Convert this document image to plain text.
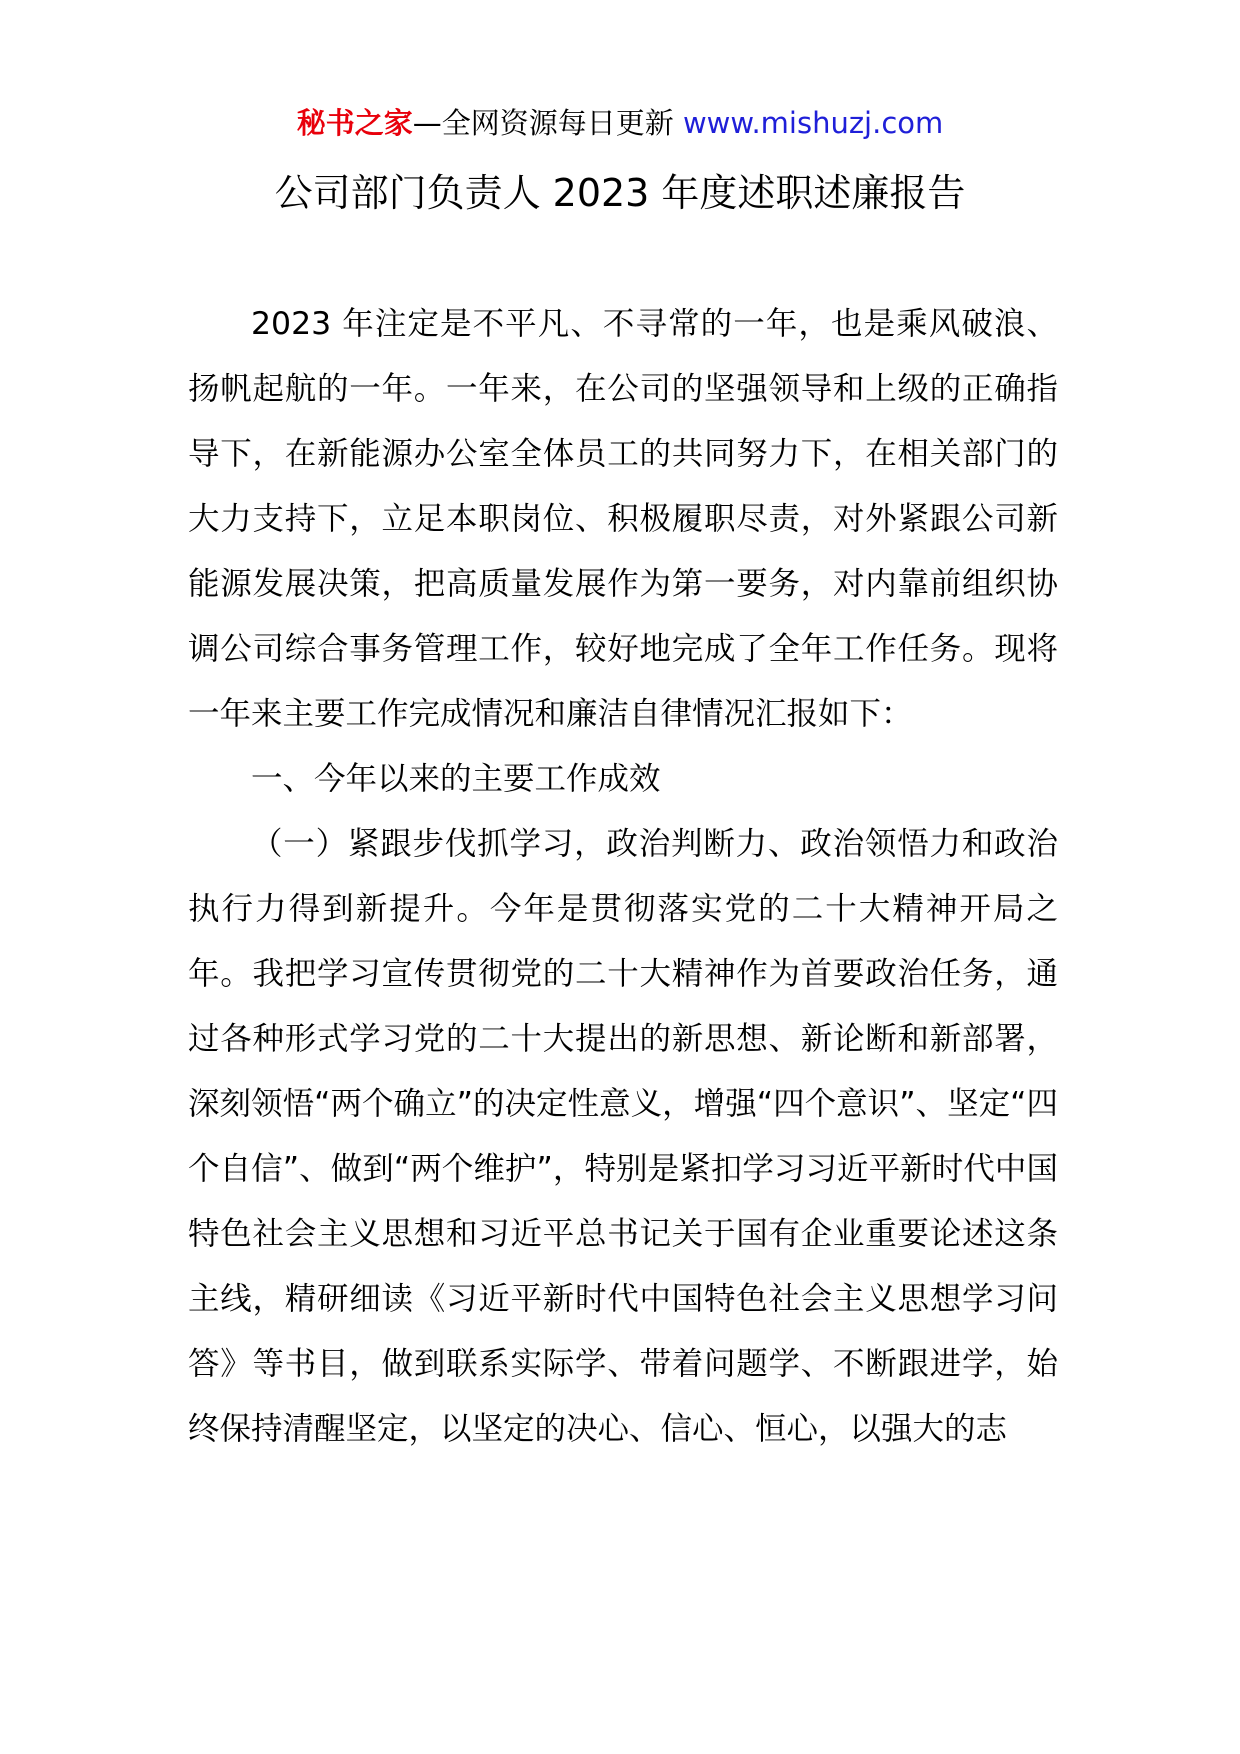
秘书之家—全网资源每日更新 www.mishuzj.com
公司部门负责人 2023 年度述职述廉报告

2023 年注定是不平凡、不寻常的一年，也是乘风破浪、扬帆起航的一年。一年来，在公司的坚强领导和上级的正确指导下，在新能源办公室全体员工的共同努力下，在相关部门的大力支持下，立足本职岗位、积极履职尽责，对外紧跟公司新能源发展决策，把高质量发展作为第一要务，对内靠前组织协调公司综合事务管理工作，较好地完成了全年工作任务。现将一年来主要工作完成情况和廉洁自律情况汇报如下：

一、今年以来的主要工作成效

（一）紧跟步伐抓学习，政治判断力、政治领悟力和政治执行力得到新提升。今年是贯彻落实党的二十大精神开局之年。我把学习宣传贯彻党的二十大精神作为首要政治任务，通过各种形式学习党的二十大提出的新思想、新论断和新部署，深刻领悟“两个确立”的决定性意义，增强“四个意识”、坚定“四个自信”、做到“两个维护”，特别是紧扣学习习近平新时代中国特色社会主义思想和习近平总书记关于国有企业重要论述这条主线，精研细读《习近平新时代中国特色社会主义思想学习问答》等书目，做到联系实际学、带着问题学、不断跟进学，始终保持清醒坚定，以坚定的决心、信心、恒心，以强大的志
